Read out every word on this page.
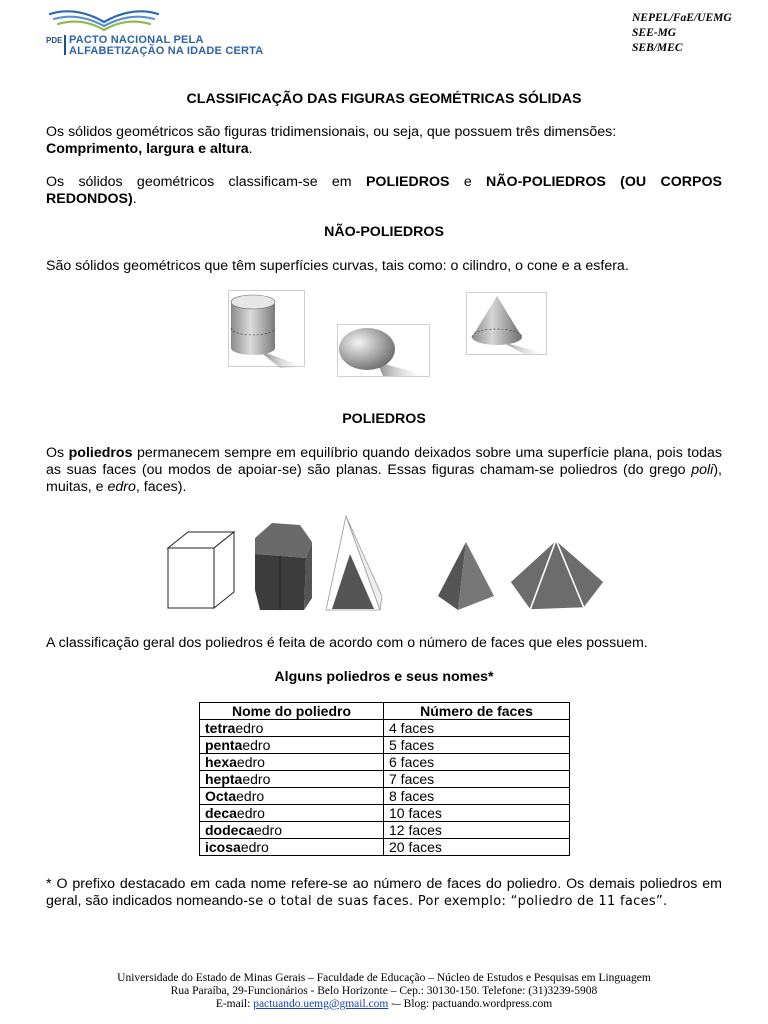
PDE PACTO NACIONAL PELA
ALFABETIZAÇÃO NA IDADE CERTA
NEPEL/FaE/UEMG
SEE-MG
SEB/MEC
CLASSIFICAÇÃO DAS FIGURAS GEOMÉTRICAS SÓLIDAS
Os sólidos geométricos são figuras tridimensionais, ou seja, que possuem três dimensões:
Comprimento, largura e altura.
Os sólidos geométricos classificam-se em POLIEDROS e NÃO-POLIEDROS (OU CORPOS REDONDOS).
NÃO-POLIEDROS
São sólidos geométricos que têm superfícies curvas, tais como: o cilindro, o cone e a esfera.
POLIEDROS
Os poliedros permanecem sempre em equilíbrio quando deixados sobre uma superfície plana, pois todas as suas faces (ou modos de apoiar-se) são planas. Essas figuras chamam-se poliedros (do grego poli), muitas, e edro, faces).
A classificação geral dos poliedros é feita de acordo com o número de faces que eles possuem.
Alguns poliedros e seus nomes*
Nome do poliedro	Número de faces
tetraedro	4 faces
pentaedro	5 faces
hexaedro	6 faces
heptaedro	7 faces
Octaedro	8 faces
decaedro	10 faces
dodecaedro	12 faces
icosaedro	20 faces
* O prefixo destacado em cada nome refere-se ao número de faces do poliedro. Os demais poliedros em geral, são indicados nomeando-se o total de suas faces. Por exemplo: “poliedro de 11 faces”.
Universidade do Estado de Minas Gerais – Faculdade de Educação – Núcleo de Estudos e Pesquisas em Linguagem
Rua Paraíba, 29-Funcionários - Belo Horizonte – Cep.: 30130-150. Telefone: (31)3239-5908
E-mail: pactuando.uemg@gmail.com -– Blog: pactuando.wordpress.com
